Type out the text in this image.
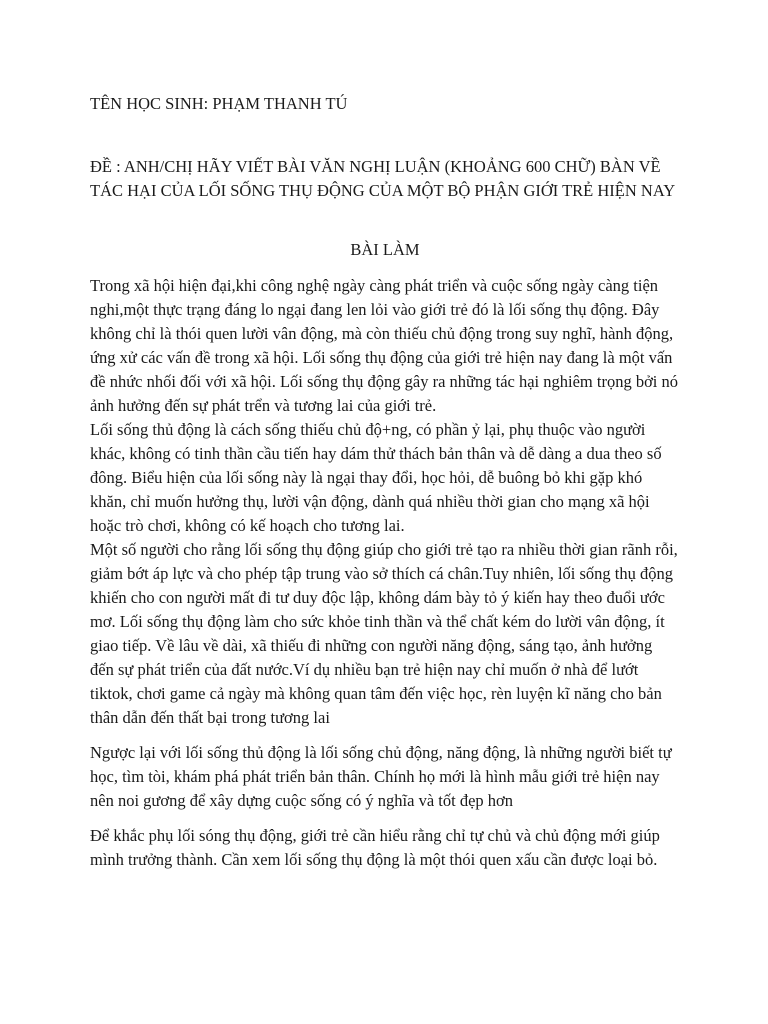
TÊN HỌC SINH: PHẠM THANH TÚ

ĐỀ : ANH/CHỊ HÃY VIẾT BÀI VĂN NGHỊ LUẬN (KHOẢNG 600 CHỮ) BÀN VỀ TÁC HẠI CỦA LỐI SỐNG THỤ ĐỘNG CỦA MỘT BỘ PHẬN GIỚI TRẺ HIỆN NAY

BÀI LÀM

Trong xã hội hiện đại,khi công nghệ ngày càng phát triển và cuộc sống ngày càng tiện nghi,một thực trạng đáng lo ngại đang len lỏi vào giới trẻ đó là lối sống thụ động. Đây không chỉ là thói quen lười vân động, mà còn thiếu chủ động trong suy nghĩ, hành động, ứng xử các vấn đề trong xã hội. Lối sống thụ động của giới trẻ hiện nay đang là một vấn đề nhức nhối đối với xã hội. Lối sống thụ động gây ra những tác hại nghiêm trọng bởi nó ảnh hưởng đến sự phát trển và tương lai của giới trẻ.

Lối sống thủ động là cách sống thiếu chủ độ+ng, có phần ỷ lại, phụ thuộc vào người khác, không có tinh thần cầu tiến hay dám thử thách bản thân và dễ dàng a dua theo số đông. Biểu hiện của lối sống này là ngại thay đổi, học hỏi, dễ buông bỏ khi gặp khó khăn, chỉ muốn hưởng thụ, lười vận động, dành quá nhiều thời gian cho mạng xã hội hoặc trò chơi, không có kế hoạch cho tương lai.

Một số người cho rằng lối sống thụ động giúp cho giới trẻ tạo ra nhiều thời gian rãnh rỗi, giảm bớt áp lực và cho phép tập trung vào sở thích cá chân.Tuy nhiên, lối sống thụ động khiến cho con người mất đi tư duy độc lập, không dám bày tỏ ý kiến hay theo đuổi ước mơ. Lối sống thụ động làm cho sức khỏe tinh thần và thể chất kém do lười vân động, ít giao tiếp. Về lâu về dài, xã thiếu đi những con người năng động, sáng tạo, ảnh hưởng đến sự phát triển của đất nước.Ví dụ nhiều bạn trẻ hiện nay chỉ muốn ở nhà để lướt tiktok, chơi game cả ngày mà không quan tâm đến việc học, rèn luyện kĩ năng cho bản thân dẫn đến thất bại trong tương lai

Ngược lại với lối sống thủ động là lối sống chủ động, năng động, là những người biết tự học, tìm tòi, khám phá phát triển bản thân. Chính họ mới là hình mẫu giới trẻ hiện nay nên noi gương để xây dựng cuộc sống có ý nghĩa và tốt đẹp hơn

Để khắc phụ lối sóng thụ động, giới trẻ cần hiểu rằng chỉ tự chủ và chủ động mới giúp mình trưởng thành. Cần xem lối sống thụ động là một thói quen xấu cần được loại bỏ.
